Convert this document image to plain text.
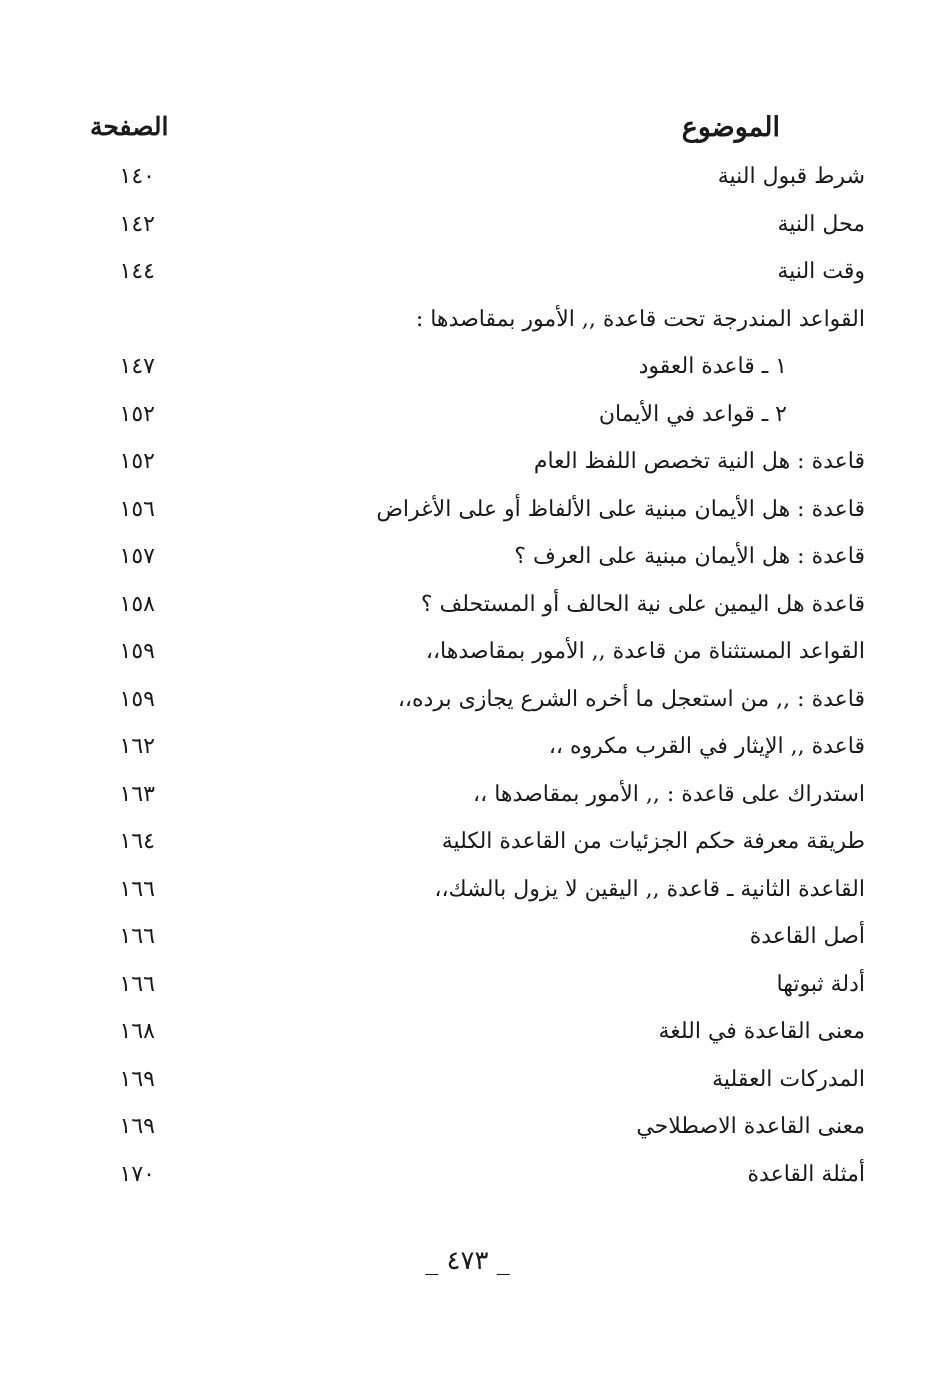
الموضوع
الصفحة
شرط قبول النية
١٤٠
محل النية
١٤٢
وقت النية
١٤٤
القواعد المندرجة تحت قاعدة ,, الأمور بمقاصدها :
١ ـ قاعدة العقود
١٤٧
٢ ـ قواعد في الأيمان
١٥٢
قاعدة : هل النية تخصص اللفظ العام
١٥٢
قاعدة : هل الأيمان مبنية على الألفاظ أو على الأغراض
١٥٦
قاعدة : هل الأيمان مبنية على العرف ؟
١٥٧
قاعدة هل اليمين على نية الحالف أو المستحلف ؟
١٥٨
القواعد المستثناة من قاعدة ,, الأمور بمقاصدها،،
١٥٩
قاعدة : ,, من استعجل ما أخره الشرع يجازى برده،،
١٥٩
قاعدة ,, الإيثار في القرب مكروه ،،
١٦٢
استدراك على قاعدة : ,, الأمور بمقاصدها ،،
١٦٣
طريقة معرفة حكم الجزئيات من القاعدة الكلية
١٦٤
القاعدة الثانية ـ قاعدة ,, اليقين لا يزول بالشك،،
١٦٦
أصل القاعدة
١٦٦
أدلة ثبوتها
١٦٦
معنى القاعدة في اللغة
١٦٨
المدركات العقلية
١٦٩
معنى القاعدة الاصطلاحي
١٦٩
أمثلة القاعدة
١٧٠
_ ٤٧٣ _
